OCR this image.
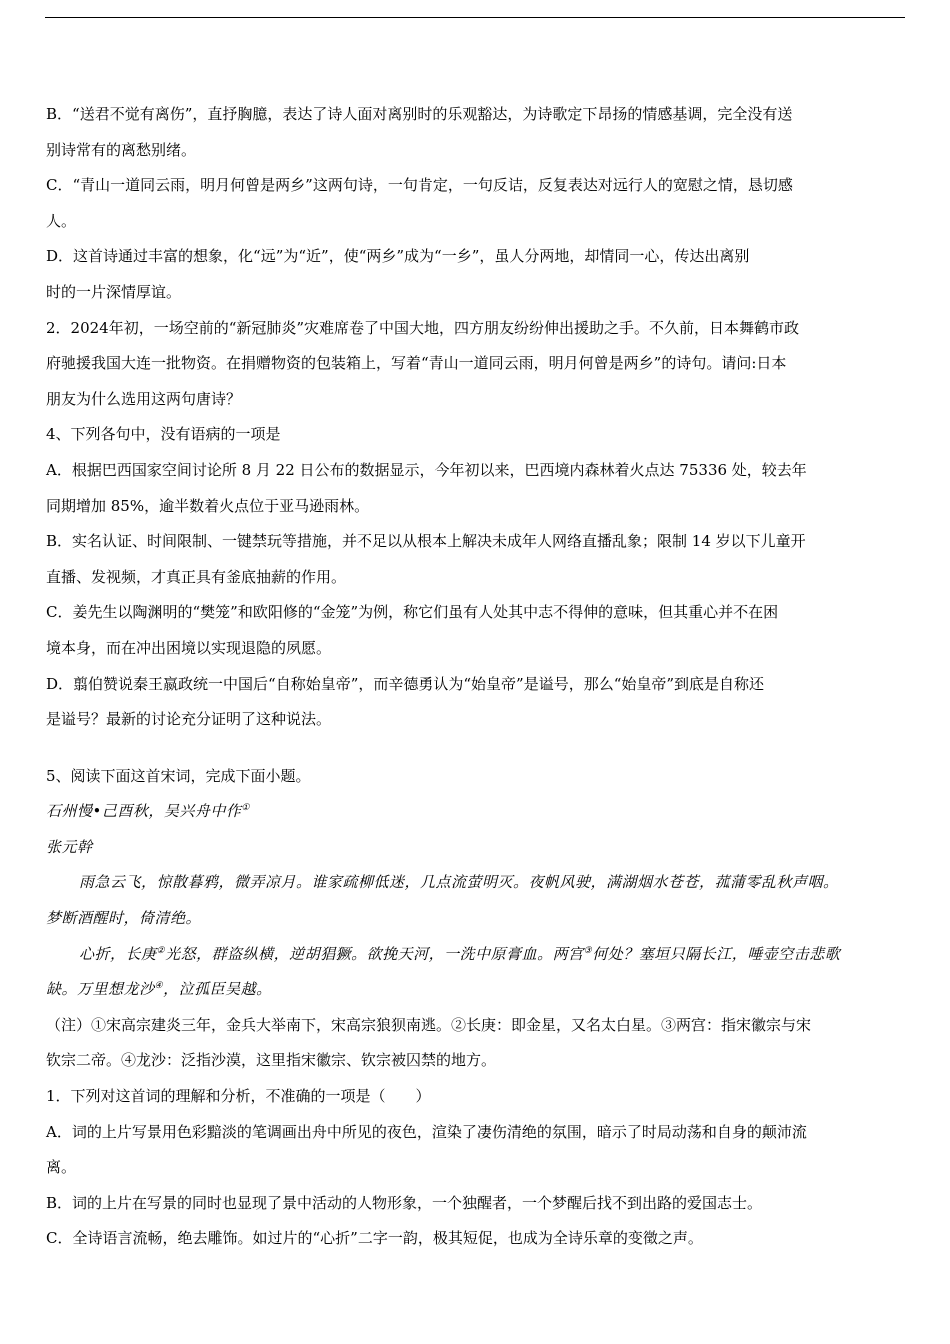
B．“送君不觉有离伤”，直抒胸臆，表达了诗人面对离别时的乐观豁达，为诗歌定下昂扬的情感基调，完全没有送

别诗常有的离愁别绪。

C．“青山一道同云雨，明月何曾是两乡”这两句诗，一句肯定，一句反诘，反复表达对远行人的宽慰之情，恳切感

人。

D．这首诗通过丰富的想象，化“远”为“近”，使“两乡”成为“一乡”，虽人分两地，却情同一心，传达出离别

时的一片深情厚谊。

2．2024年初，一场空前的“新冠肺炎”灾难席卷了中国大地，四方朋友纷纷伸出援助之手。不久前，日本舞鹤市政

府驰援我国大连一批物资。在捐赠物资的包装箱上，写着“青山一道同云雨，明月何曾是两乡”的诗句。请问:日本

朋友为什么选用这两句唐诗？

4、下列各句中，没有语病的一项是

A．根据巴西国家空间讨论所 8 月 22 日公布的数据显示，今年初以来，巴西境内森林着火点达 75336 处，较去年

同期增加 85%，逾半数着火点位于亚马逊雨林。

B．实名认证、时间限制、一键禁玩等措施，并不足以从根本上解决未成年人网络直播乱象；限制 14 岁以下儿童开

直播、发视频，才真正具有釜底抽薪的作用。

C．姜先生以陶渊明的“樊笼”和欧阳修的“金笼”为例，称它们虽有人处其中志不得伸的意味，但其重心并不在困

境本身，而在冲出困境以实现退隐的夙愿。

D．翦伯赞说秦王嬴政统一中国后“自称始皇帝”，而辛德勇认为“始皇帝”是谥号，那么“始皇帝”到底是自称还

是谥号？最新的讨论充分证明了这种说法。

5、阅读下面这首宋词，完成下面小题。

石州慢•己酉秋，吴兴舟中作①

张元幹

雨急云飞，惊散暮鸦，微弄凉月。谁家疏柳低迷，几点流萤明灭。夜帆风驶，满湖烟水苍苍，菰蒲零乱秋声咽。

梦断酒醒时，倚清绝。

心折，长庚②光怒，群盗纵横，逆胡猖獗。欲挽天河，一洗中原膏血。两宫③何处？塞垣只隔长江，唾壶空击悲歌

缺。万里想龙沙④，泣孤臣吴越。

（注）①宋高宗建炎三年，金兵大举南下，宋高宗狼狈南逃。②长庚：即金星，又名太白星。③两宫：指宋徽宗与宋

钦宗二帝。④龙沙：泛指沙漠，这里指宋徽宗、钦宗被囚禁的地方。

1．下列对这首词的理解和分析，不准确的一项是（　　）

A．词的上片写景用色彩黯淡的笔调画出舟中所见的夜色，渲染了凄伤清绝的氛围，暗示了时局动荡和自身的颠沛流

离。

B．词的上片在写景的同时也显现了景中活动的人物形象，一个独醒者，一个梦醒后找不到出路的爱国志士。

C．全诗语言流畅，绝去雕饰。如过片的“心折”二字一韵，极其短促，也成为全诗乐章的变徵之声。
